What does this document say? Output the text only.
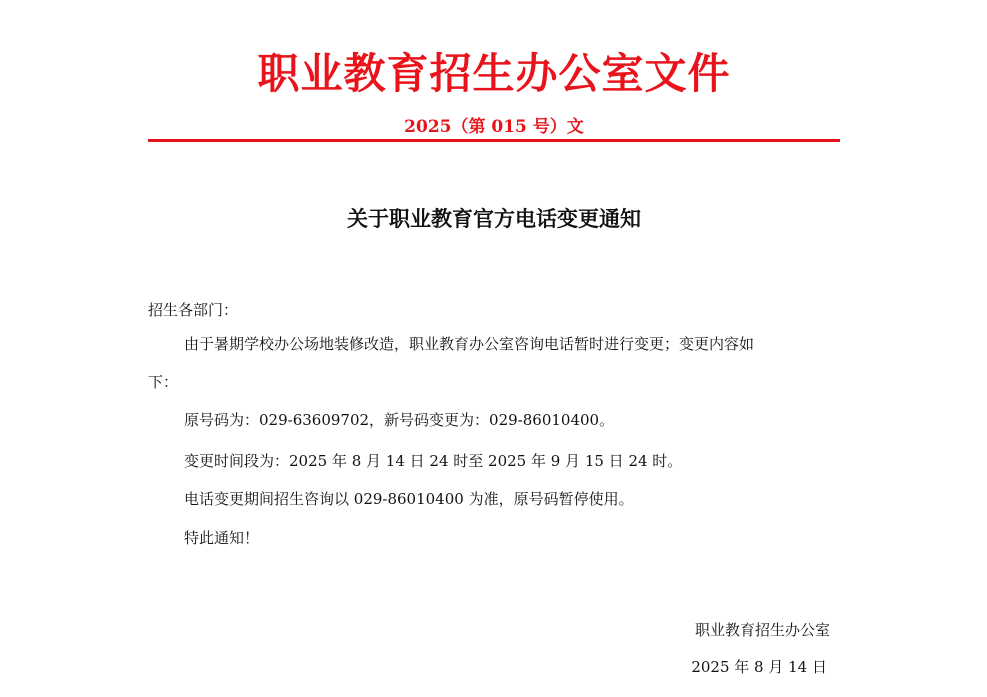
职业教育招生办公室文件
2025（第 015 号）文
关于职业教育官方电话变更通知
招生各部门：
由于暑期学校办公场地装修改造，职业教育办公室咨询电话暂时进行变更；变更内容如
下：
原号码为：029-63609702，新号码变更为：029-86010400。
变更时间段为：2025 年 8 月 14 日 24 时至 2025 年 9 月 15 日 24 时。
电话变更期间招生咨询以 029-86010400 为准，原号码暂停使用。
特此通知！
职业教育招生办公室
2025 年 8 月 14 日
